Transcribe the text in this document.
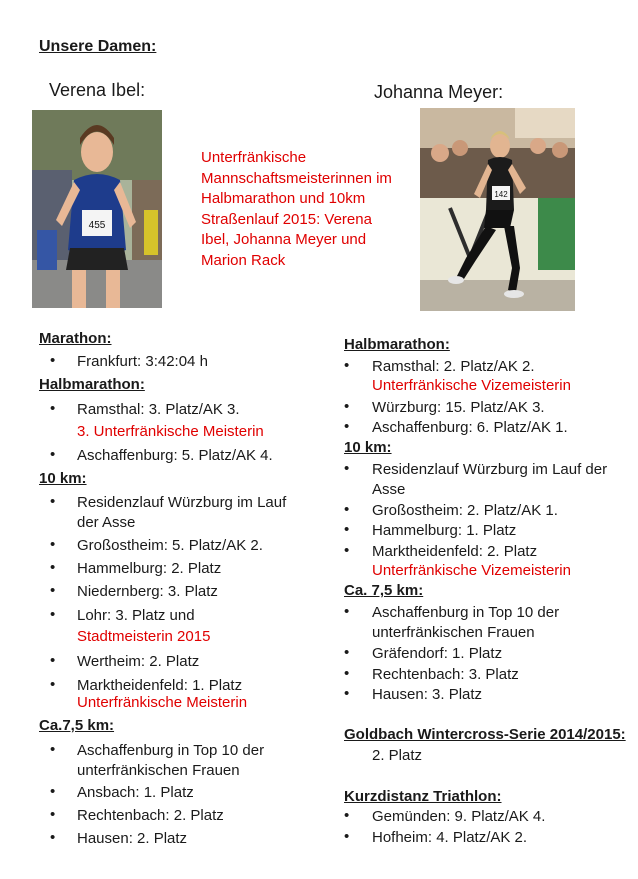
Unsere Damen:
Verena Ibel:	Johanna Meyer:
455
Unterfränkische Mannschaftsmeisterinnen im Halbmarathon und 10km Straßenlauf 2015: Verena Ibel, Johanna Meyer und Marion Rack
142
Marathon:
• Frankfurt: 3:42:04 h
Halbmarathon:
• Ramsthal: 3. Platz/AK 3.
3. Unterfränkische Meisterin
• Aschaffenburg: 5. Platz/AK 4.
10 km:
• Residenzlauf Würzburg im Lauf der Asse
• Großostheim: 5. Platz/AK 2.
• Hammelburg: 2. Platz
• Niedernberg: 3. Platz
• Lohr: 3. Platz und
Stadtmeisterin 2015
• Wertheim: 2. Platz
• Marktheidenfeld: 1. Platz
Unterfränkische Meisterin
Ca.7,5 km:
• Aschaffenburg in Top 10 der unterfränkischen Frauen
• Ansbach: 1. Platz
• Rechtenbach: 2. Platz
• Hausen: 2. Platz
Halbmarathon:
• Ramsthal: 2. Platz/AK 2.
Unterfränkische Vizemeisterin
• Würzburg: 15. Platz/AK 3.
• Aschaffenburg: 6. Platz/AK 1.
10 km:
• Residenzlauf Würzburg im Lauf der Asse
• Großostheim: 2. Platz/AK 1.
• Hammelburg: 1. Platz
• Marktheidenfeld: 2. Platz
Unterfränkische Vizemeisterin
Ca. 7,5 km:
• Aschaffenburg in Top 10 der unterfränkischen Frauen
• Gräfendorf: 1. Platz
• Rechtenbach: 3. Platz
• Hausen: 3. Platz
Goldbach Wintercross-Serie 2014/2015:
2. Platz
Kurzdistanz Triathlon:
• Gemünden: 9. Platz/AK 4.
• Hofheim: 4. Platz/AK 2.
